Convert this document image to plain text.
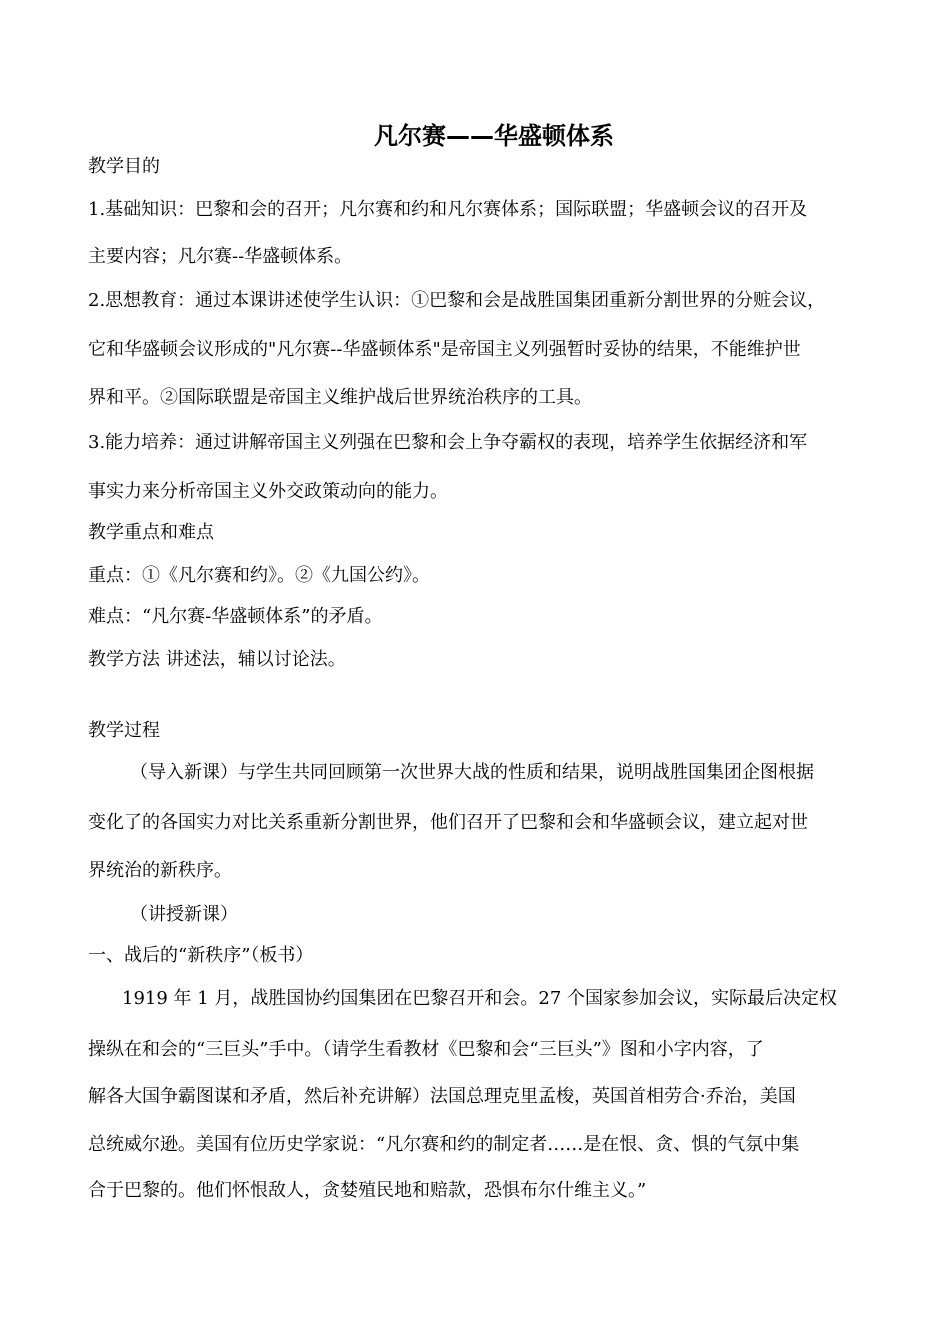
凡尔赛——华盛顿体系
教学目的
1.基础知识：巴黎和会的召开；凡尔赛和约和凡尔赛体系；国际联盟；华盛顿会议的召开及
主要内容；凡尔赛--华盛顿体系。
2.思想教育：通过本课讲述使学生认识：①巴黎和会是战胜国集团重新分割世界的分赃会议，
它和华盛顿会议形成的"凡尔赛--华盛顿体系"是帝国主义列强暂时妥协的结果，不能维护世
界和平。②国际联盟是帝国主义维护战后世界统治秩序的工具。
3.能力培养：通过讲解帝国主义列强在巴黎和会上争夺霸权的表现，培养学生依据经济和军
事实力来分析帝国主义外交政策动向的能力。
教学重点和难点
重点：①《凡尔赛和约》。②《九国公约》。
难点：“凡尔赛-华盛顿体系”的矛盾。
教学方法 讲述法，辅以讨论法。
教学过程
（导入新课）与学生共同回顾第一次世界大战的性质和结果，说明战胜国集团企图根据
变化了的各国实力对比关系重新分割世界，他们召开了巴黎和会和华盛顿会议，建立起对世
界统治的新秩序。
（讲授新课）
一、战后的“新秩序”（板书）
1919 年 1 月，战胜国协约国集团在巴黎召开和会。27 个国家参加会议，实际最后决定权
操纵在和会的“三巨头”手中。（请学生看教材《巴黎和会“三巨头”》图和小字内容，了
解各大国争霸图谋和矛盾，然后补充讲解）法国总理克里孟梭，英国首相劳合·乔治，美国
总统威尔逊。美国有位历史学家说：“凡尔赛和约的制定者……是在恨、贪、惧的气氛中集
合于巴黎的。他们怀恨敌人，贪婪殖民地和赔款，恐惧布尔什维主义。”
